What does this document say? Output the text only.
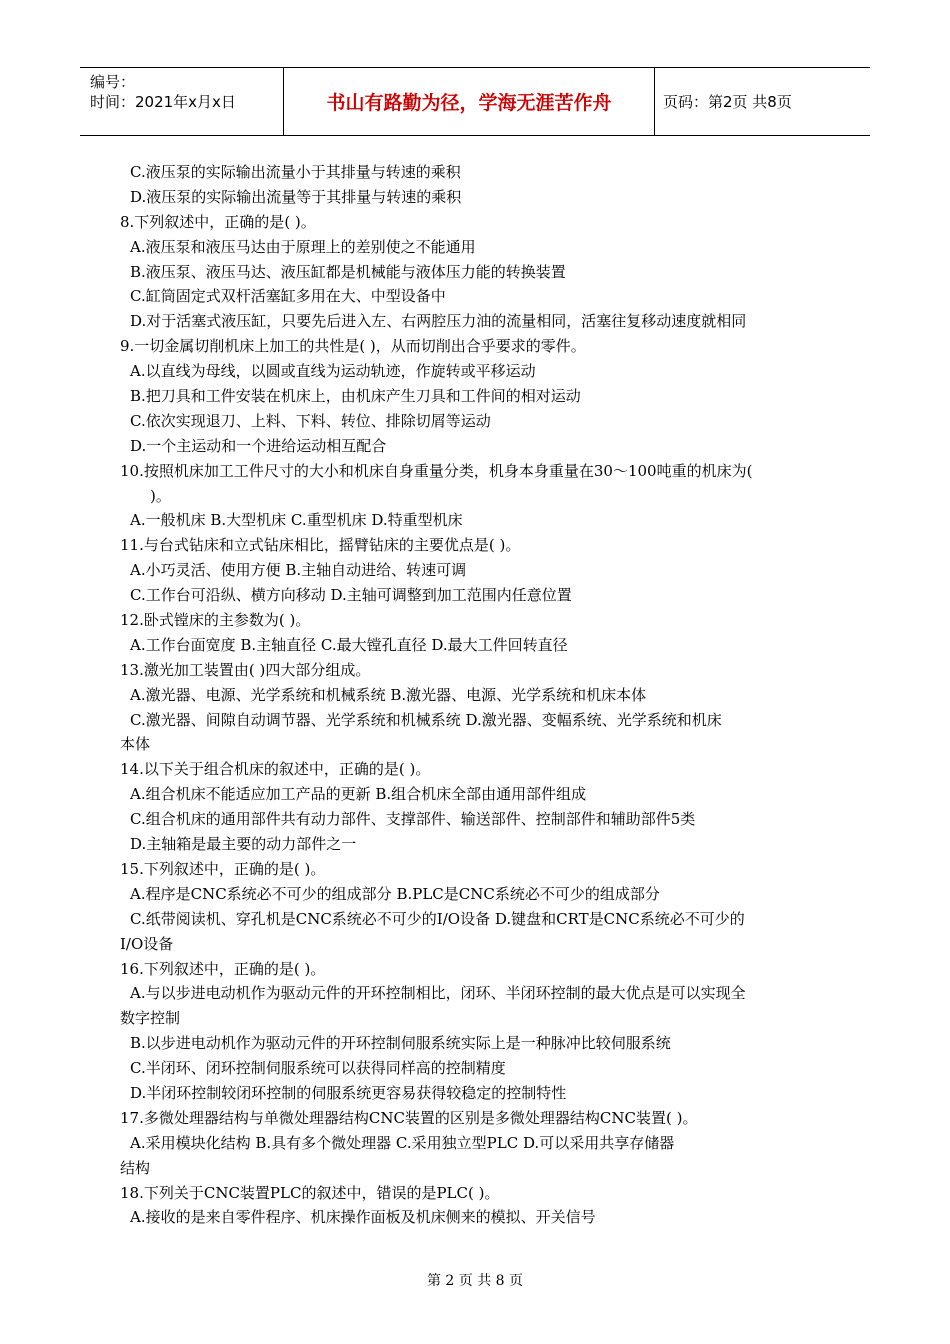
编号：
时间：2021年x月x日	书山有路勤为径，学海无涯苦作舟	页码：第2页 共8页
C.液压泵的实际输出流量小于其排量与转速的乘积
D.液压泵的实际输出流量等于其排量与转速的乘积
8.下列叙述中，正确的是( )。
A.液压泵和液压马达由于原理上的差别使之不能通用
B.液压泵、液压马达、液压缸都是机械能与液体压力能的转换装置
C.缸筒固定式双杆活塞缸多用在大、中型设备中
D.对于活塞式液压缸，只要先后进入左、右两腔压力油的流量相同，活塞往复移动速度就相同
9.一切金属切削机床上加工的共性是( )，从而切削出合乎要求的零件。
A.以直线为母线，以圆或直线为运动轨迹，作旋转或平移运动
B.把刀具和工件安装在机床上，由机床产生刀具和工件间的相对运动
C.依次实现退刀、上料、下料、转位、排除切屑等运动
D.一个主运动和一个进给运动相互配合
10.按照机床加工工件尺寸的大小和机床自身重量分类，机身本身重量在30～100吨重的机床为(
)。
A.一般机床 B.大型机床 C.重型机床 D.特重型机床
11.与台式钻床和立式钻床相比，摇臂钻床的主要优点是( )。
A.小巧灵活、使用方便 B.主轴自动进给、转速可调
C.工作台可沿纵、横方向移动 D.主轴可调整到加工范围内任意位置
12.卧式镗床的主参数为( )。
A.工作台面宽度 B.主轴直径 C.最大镗孔直径 D.最大工件回转直径
13.激光加工装置由( )四大部分组成。
A.激光器、电源、光学系统和机械系统 B.激光器、电源、光学系统和机床本体
C.激光器、间隙自动调节器、光学系统和机械系统 D.激光器、变幅系统、光学系统和机床
本体
14.以下关于组合机床的叙述中，正确的是( )。
A.组合机床不能适应加工产品的更新 B.组合机床全部由通用部件组成
C.组合机床的通用部件共有动力部件、支撑部件、输送部件、控制部件和辅助部件5类
D.主轴箱是最主要的动力部件之一
15.下列叙述中，正确的是( )。
A.程序是CNC系统必不可少的组成部分 B.PLC是CNC系统必不可少的组成部分
C.纸带阅读机、穿孔机是CNC系统必不可少的I/O设备 D.键盘和CRT是CNC系统必不可少的
I/O设备
16.下列叙述中，正确的是( )。
A.与以步进电动机作为驱动元件的开环控制相比，闭环、半闭环控制的最大优点是可以实现全
数字控制
B.以步进电动机作为驱动元件的开环控制伺服系统实际上是一种脉冲比较伺服系统
C.半闭环、闭环控制伺服系统可以获得同样高的控制精度
D.半闭环控制较闭环控制的伺服系统更容易获得较稳定的控制特性
17.多微处理器结构与单微处理器结构CNC装置的区别是多微处理器结构CNC装置( )。
A.采用模块化结构 B.具有多个微处理器 C.采用独立型PLC D.可以采用共享存储器
结构
18.下列关于CNC装置PLC的叙述中，错误的是PLC( )。
A.接收的是来自零件程序、机床操作面板及机床侧来的模拟、开关信号
第 2 页 共 8 页
